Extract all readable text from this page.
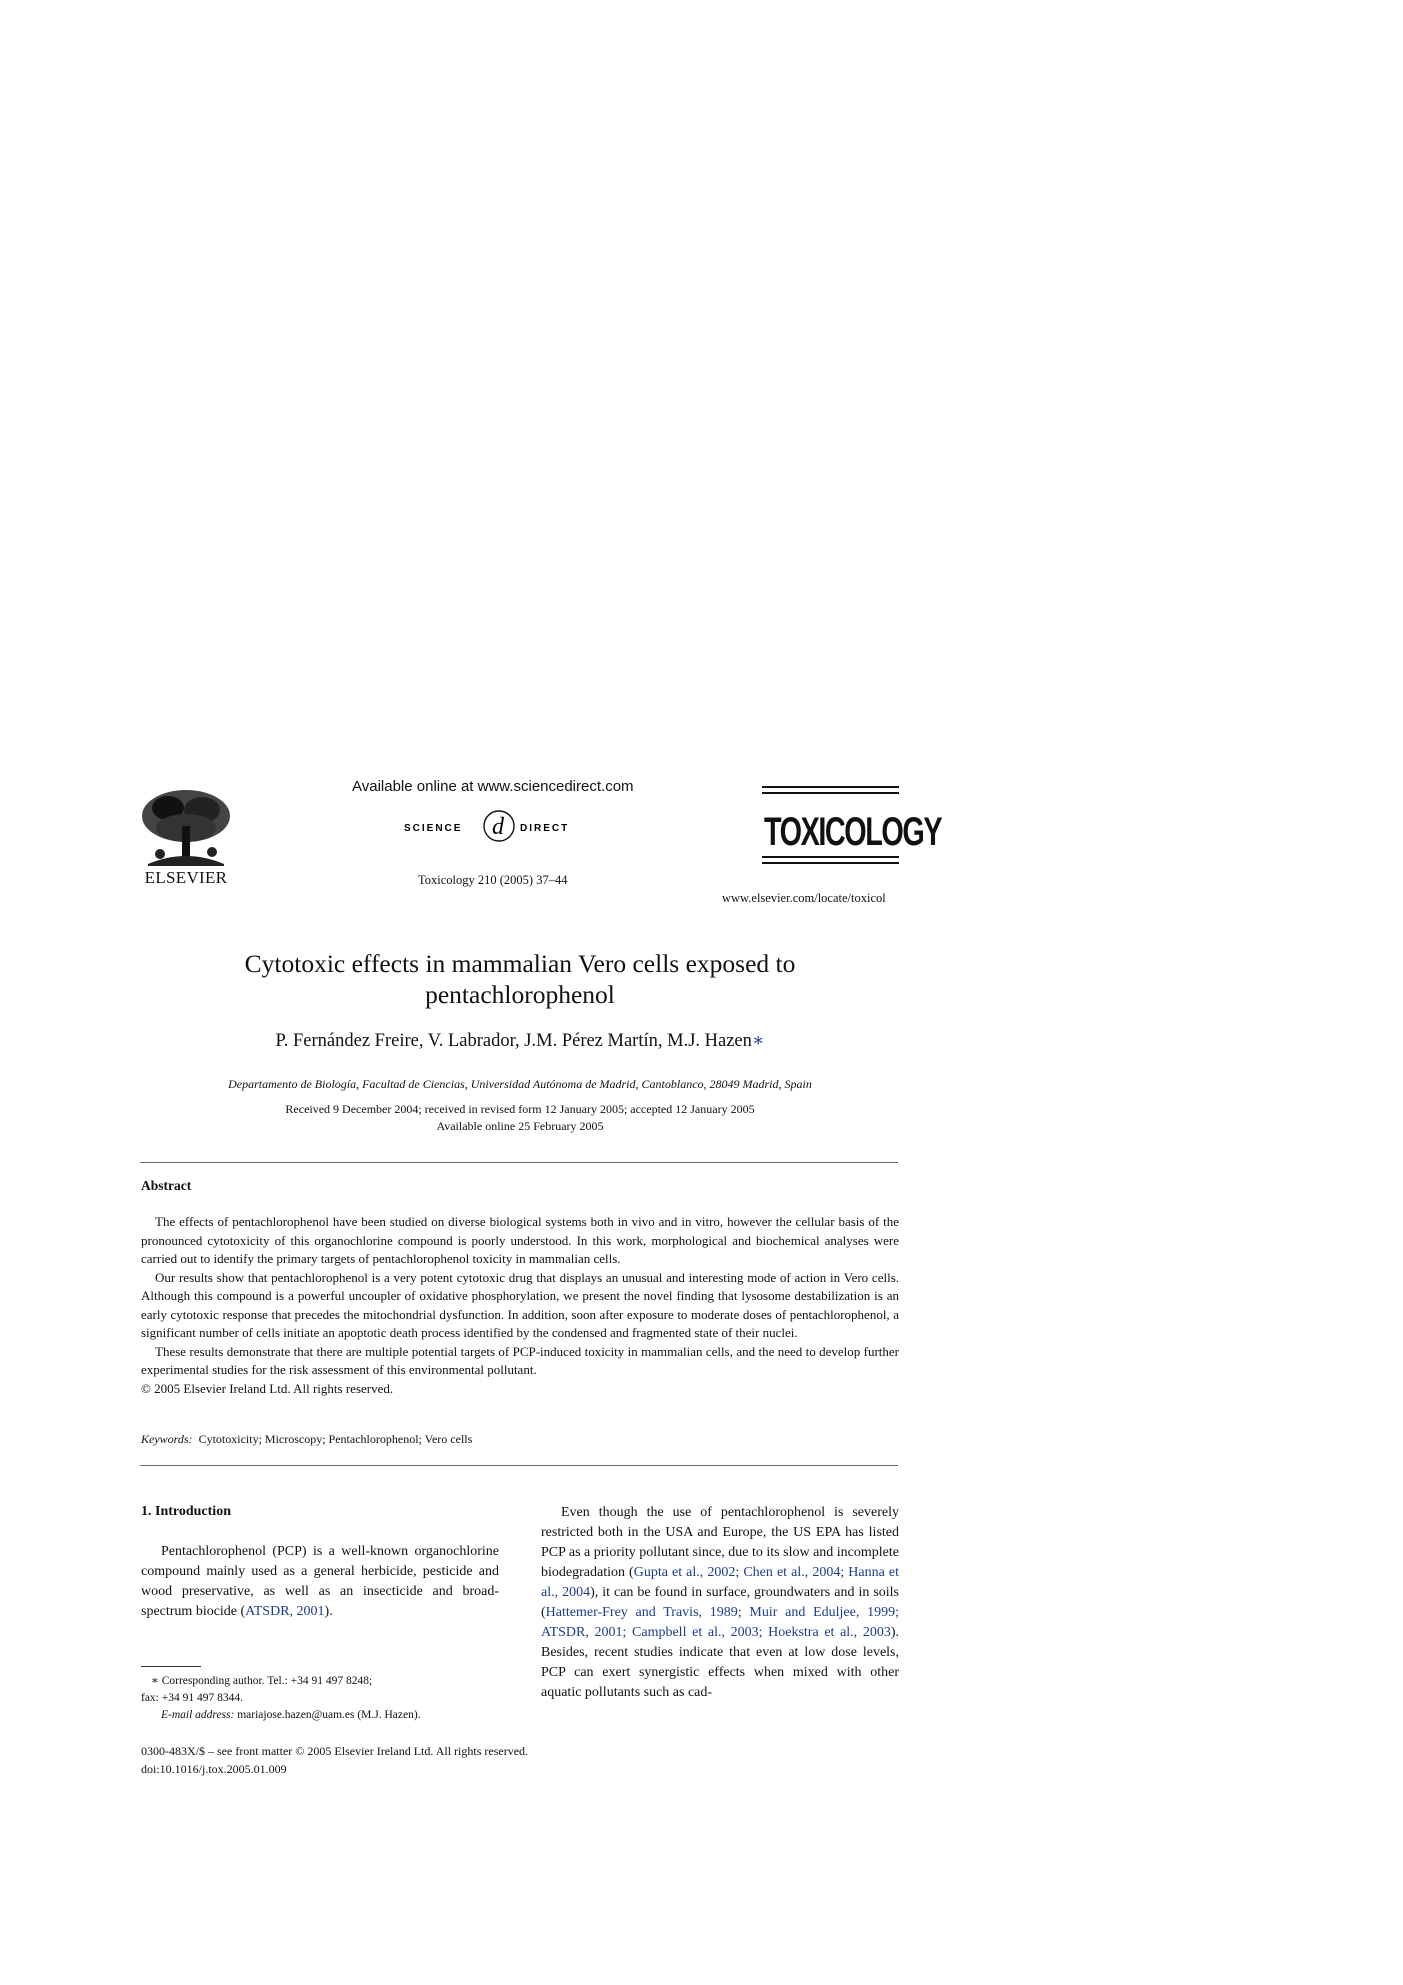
ELSEVIER
Available online at www.sciencedirect.com
SCIENCE d DIRECT
Toxicology 210 (2005) 37–44
TOXICOLOGY
www.elsevier.com/locate/toxicol
Cytotoxic effects in mammalian Vero cells exposed to
pentachlorophenol
P. Fernández Freire, V. Labrador, J.M. Pérez Martín, M.J. Hazen∗
Departamento de Biología, Facultad de Ciencias, Universidad Autónoma de Madrid, Cantoblanco, 28049 Madrid, Spain
Received 9 December 2004; received in revised form 12 January 2005; accepted 12 January 2005
Available online 25 February 2005
Abstract

The effects of pentachlorophenol have been studied on diverse biological systems both in vivo and in vitro, however the cellular basis of the pronounced cytotoxicity of this organochlorine compound is poorly understood. In this work, morphological and biochemical analyses were carried out to identify the primary targets of pentachlorophenol toxicity in mammalian cells.

Our results show that pentachlorophenol is a very potent cytotoxic drug that displays an unusual and interesting mode of action in Vero cells. Although this compound is a powerful uncoupler of oxidative phosphorylation, we present the novel finding that lysosome destabilization is an early cytotoxic response that precedes the mitochondrial dysfunction. In addition, soon after exposure to moderate doses of pentachlorophenol, a significant number of cells initiate an apoptotic death process identified by the condensed and fragmented state of their nuclei.

These results demonstrate that there are multiple potential targets of PCP-induced toxicity in mammalian cells, and the need to develop further experimental studies for the risk assessment of this environmental pollutant.

© 2005 Elsevier Ireland Ltd. All rights reserved.

Keywords: Cytotoxicity; Microscopy; Pentachlorophenol; Vero cells
1. Introduction

Pentachlorophenol (PCP) is a well-known organochlorine compound mainly used as a general herbicide, pesticide and wood preservative, as well as an insecticide and broad-spectrum biocide (ATSDR, 2001).

Even though the use of pentachlorophenol is severely restricted both in the USA and Europe, the US EPA has listed PCP as a priority pollutant since, due to its slow and incomplete biodegradation (Gupta et al., 2002; Chen et al., 2004; Hanna et al., 2004), it can be found in surface, groundwaters and in soils (Hattemer-Frey and Travis, 1989; Muir and Eduljee, 1999; ATSDR, 2001; Campbell et al., 2003; Hoekstra et al., 2003). Besides, recent studies indicate that even at low dose levels, PCP can exert synergistic effects when mixed with other aquatic pollutants such as cad-

∗ Corresponding author. Tel.: +34 91 497 8248;
fax: +34 91 497 8344.
E-mail address: mariajose.hazen@uam.es (M.J. Hazen).
0300-483X/$ – see front matter © 2005 Elsevier Ireland Ltd. All rights reserved.
doi:10.1016/j.tox.2005.01.009
